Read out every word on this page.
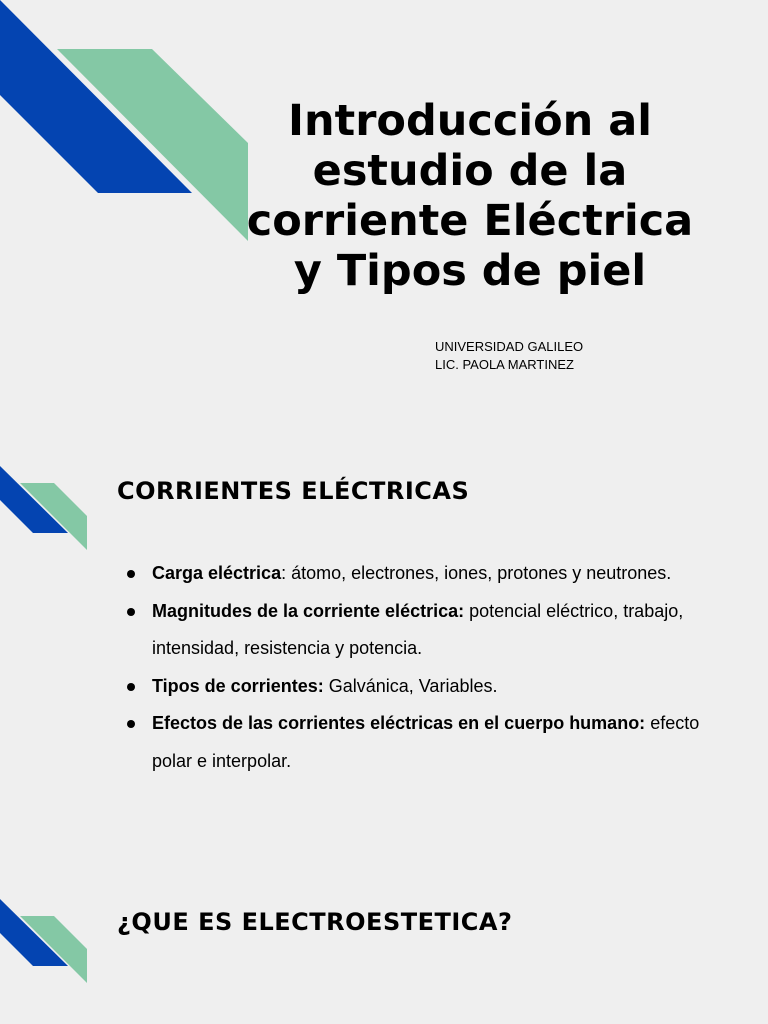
Introducción al
estudio de la
corriente Eléctrica
y Tipos de piel
UNIVERSIDAD GALILEO
LIC. PAOLA MARTINEZ
CORRIENTES ELÉCTRICAS
Carga eléctrica: átomo, electrones, iones, protones y neutrones.
Magnitudes de la corriente eléctrica: potencial eléctrico, trabajo, intensidad, resistencia y potencia.
Tipos de corrientes: Galvánica, Variables.
Efectos de las corrientes eléctricas en el cuerpo humano: efecto polar e interpolar.
¿QUE ES ELECTROESTETICA?
